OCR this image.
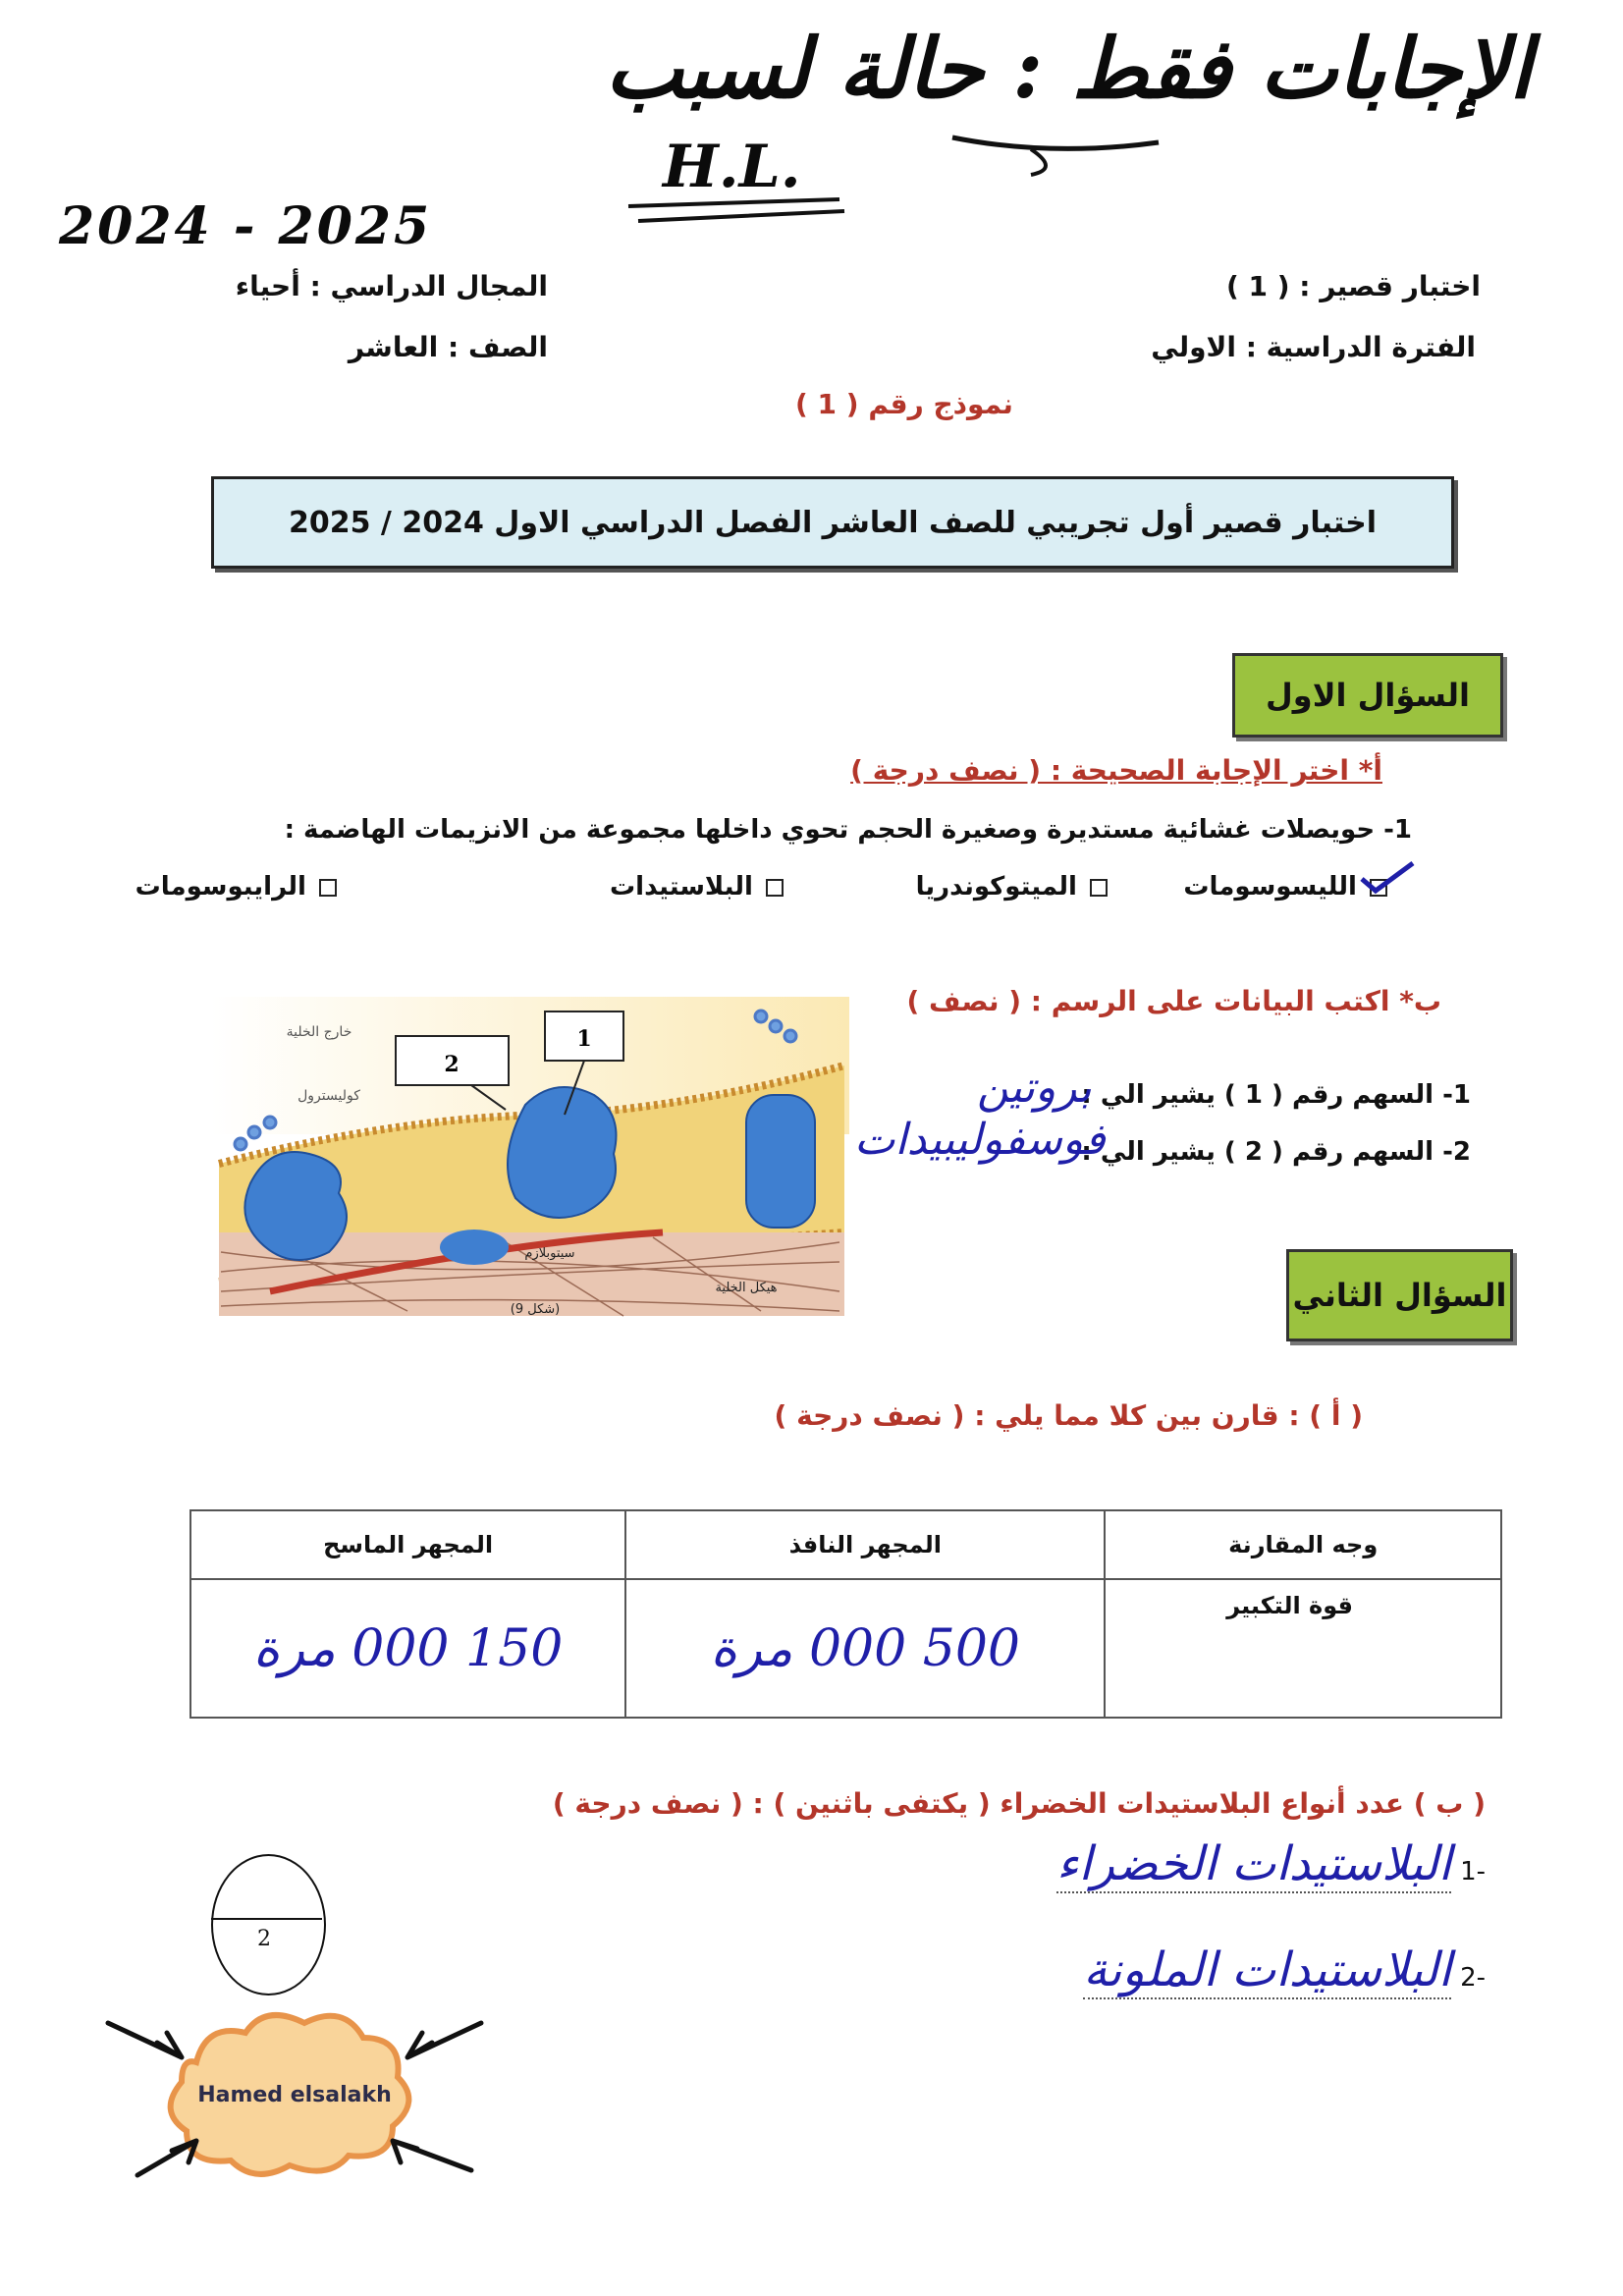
الإجابات فقط : حالة لسبب
H.L.
2024 - 2025
اختبار قصير : ( 1 )
المجال الدراسي : أحياء
الفترة الدراسية : الاولي
الصف : العاشر
نموذج رقم ( 1 )
اختبار قصير أول تجريبي للصف العاشر الفصل الدراسي الاول 2024 / 2025
السؤال الاول
أ* اختر الإجابة الصحيحة : ( نصف درجة )
1- حويصلات غشائية مستديرة وصغيرة الحجم تحوي داخلها مجموعة من الانزيمات الهاضمة :
الليسوسومات
الميتوكوندريا
البلاستيدات
الرايبوسومات
ب* اكتب البيانات على الرسم : ( نصف )
1
2
خارج الخلية
كوليسترول
سيتوبلازم
هيكل الخلية
(شكل 9)
1- السهم رقم ( 1 ) يشير الي :
بروتين
2- السهم رقم ( 2 ) يشير الي :
فوسفوليبيدات
السؤال الثاني
( أ ) : قارن بين كلا مما يلي : ( نصف درجة )
المجهر الماسح	المجهر النافذ	وجه المقارنة
150 000 مرة	500 000 مرة	قوة التكبير
( ب ) عدد أنواع البلاستيدات الخضراء ( يكتفى باثنين ) : ( نصف درجة )
-1 البلاستيدات الخضراء
-2 البلاستيدات الملونة
2
Hamed elsalakh
